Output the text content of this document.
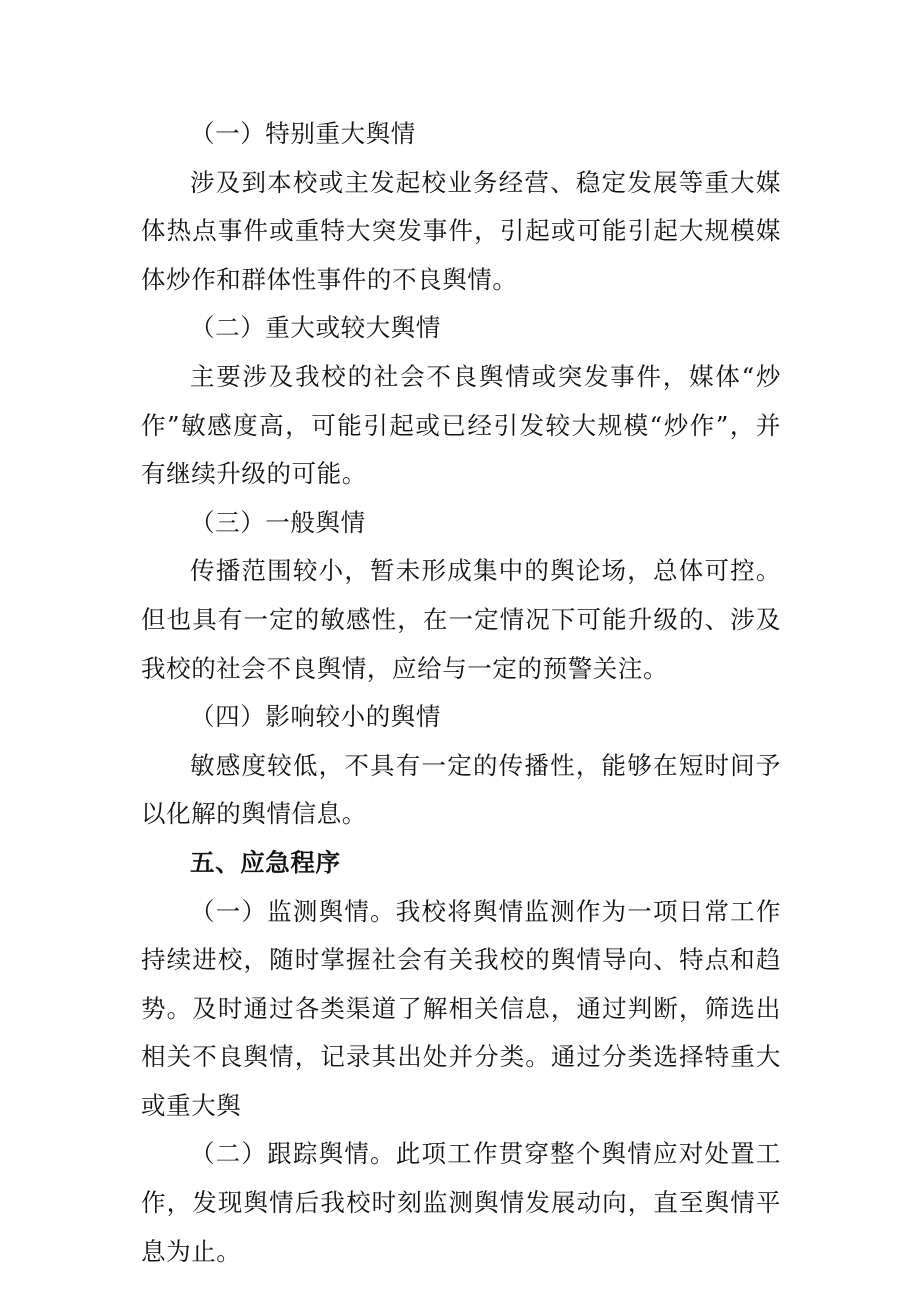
（一）特别重大舆情

涉及到本校或主发起校业务经营、稳定发展等重大媒体热点事件或重特大突发事件，引起或可能引起大规模媒体炒作和群体性事件的不良舆情。

（二）重大或较大舆情

主要涉及我校的社会不良舆情或突发事件，媒体“炒作”敏感度高，可能引起或已经引发较大规模“炒作”，并有继续升级的可能。

（三）一般舆情

传播范围较小，暂未形成集中的舆论场，总体可控。但也具有一定的敏感性，在一定情况下可能升级的、涉及我校的社会不良舆情，应给与一定的预警关注。

（四）影响较小的舆情

敏感度较低，不具有一定的传播性，能够在短时间予以化解的舆情信息。

五、应急程序

（一）监测舆情。我校将舆情监测作为一项日常工作持续进校，随时掌握社会有关我校的舆情导向、特点和趋势。及时通过各类渠道了解相关信息，通过判断，筛选出相关不良舆情，记录其出处并分类。通过分类选择特重大或重大舆

（二）跟踪舆情。此项工作贯穿整个舆情应对处置工作，发现舆情后我校时刻监测舆情发展动向，直至舆情平息为止。
